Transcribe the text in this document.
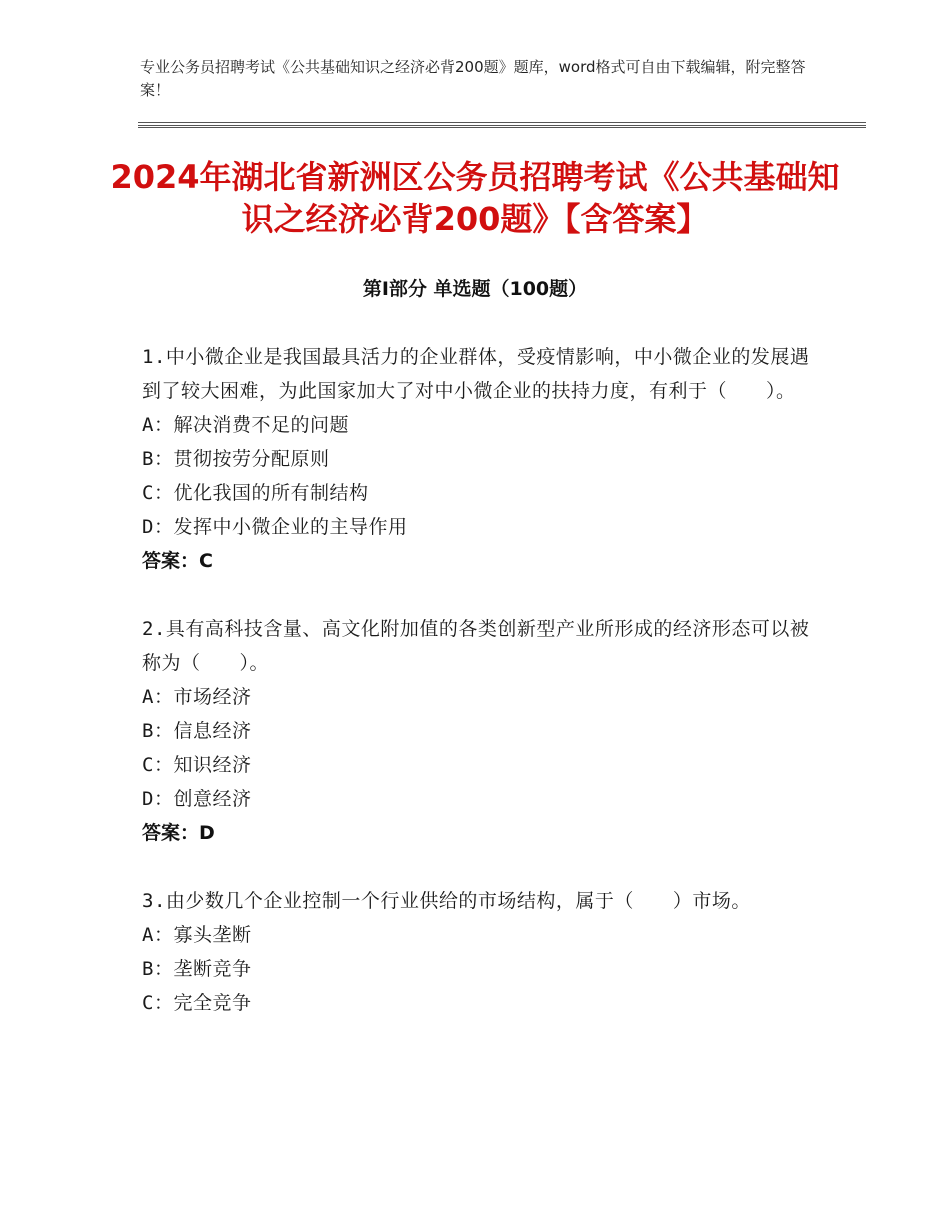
专业公务员招聘考试《公共基础知识之经济必背200题》题库，word格式可自由下载编辑，附完整答案！
2024年湖北省新洲区公务员招聘考试《公共基础知识之经济必背200题》【含答案】
第Ⅰ部分 单选题（100题）
1.中小微企业是我国最具活力的企业群体，受疫情影响，中小微企业的发展遇到了较大困难，为此国家加大了对中小微企业的扶持力度，有利于（　　）。
A：解决消费不足的问题
B：贯彻按劳分配原则
C：优化我国的所有制结构
D：发挥中小微企业的主导作用
答案：C
2.具有高科技含量、高文化附加值的各类创新型产业所形成的经济形态可以被称为（　　）。
A：市场经济
B：信息经济
C：知识经济
D：创意经济
答案：D
3.由少数几个企业控制一个行业供给的市场结构，属于（　　）市场。
A：寡头垄断
B：垄断竞争
C：完全竞争
